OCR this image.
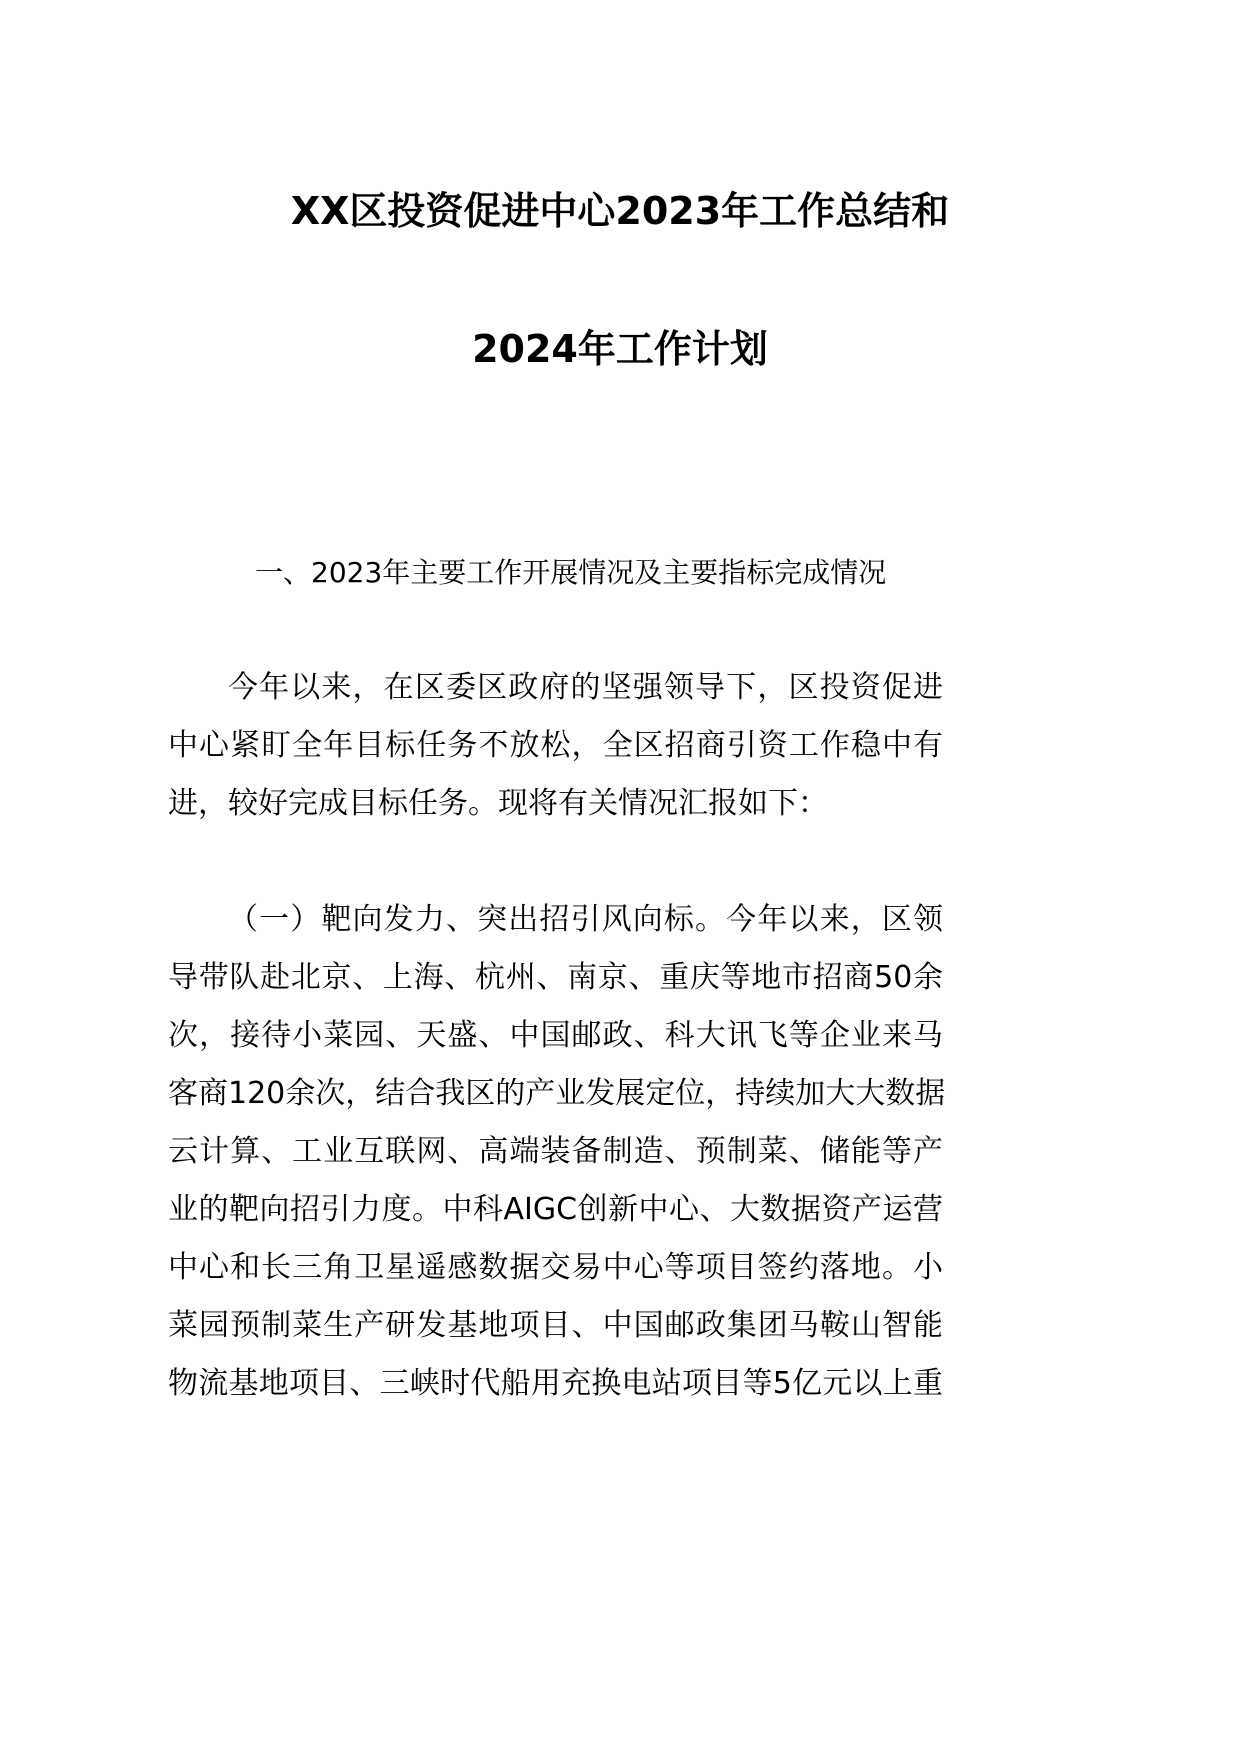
XX区投资促进中心2023年工作总结和
2024年工作计划
一、2023年主要工作开展情况及主要指标完成情况
今年以来，在区委区政府的坚强领导下，区投资促进
中心紧盯全年目标任务不放松，全区招商引资工作稳中有
进，较好完成目标任务。现将有关情况汇报如下：
（一）靶向发力、突出招引风向标。今年以来，区领
导带队赴北京、上海、杭州、南京、重庆等地市招商50余
次，接待小菜园、天盛、中国邮政、科大讯飞等企业来马
客商120余次，结合我区的产业发展定位，持续加大大数据
云计算、工业互联网、高端装备制造、预制菜、储能等产
业的靶向招引力度。中科AIGC创新中心、大数据资产运营
中心和长三角卫星遥感数据交易中心等项目签约落地。小
菜园预制菜生产研发基地项目、中国邮政集团马鞍山智能
物流基地项目、三峡时代船用充换电站项目等5亿元以上重
